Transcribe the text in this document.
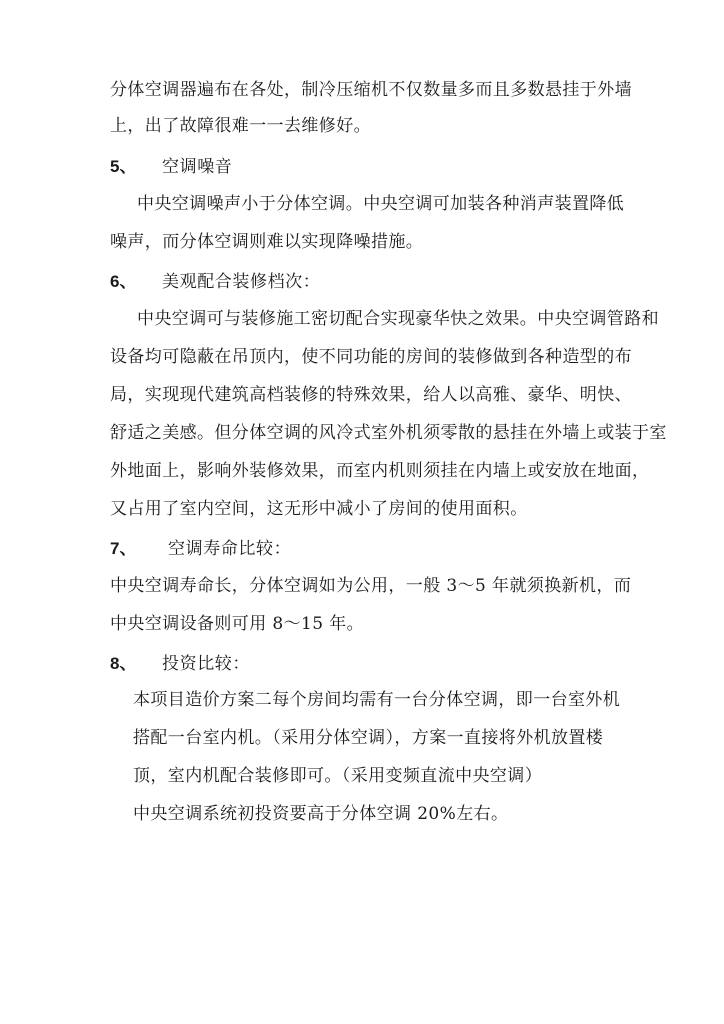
分体空调器遍布在各处，制冷压缩机不仅数量多而且多数悬挂于外墙
上，出了故障很难一一去维修好。
5、 空调噪音
中央空调噪声小于分体空调。中央空调可加装各种消声装置降低
噪声，而分体空调则难以实现降噪措施。
6、 美观配合装修档次：
中央空调可与装修施工密切配合实现豪华快之效果。中央空调管路和
设备均可隐蔽在吊顶内，使不同功能的房间的装修做到各种造型的布
局，实现现代建筑高档装修的特殊效果，给人以高雅、豪华、明快、
舒适之美感。但分体空调的风冷式室外机须零散的悬挂在外墙上或装于室
外地面上，影响外装修效果，而室内机则须挂在内墙上或安放在地面，
又占用了室内空间，这无形中减小了房间的使用面积。
7、 空调寿命比较：
中央空调寿命长，分体空调如为公用，一般 3～5 年就须换新机，而
中央空调设备则可用 8～15 年。
8、 投资比较：
本项目造价方案二每个房间均需有一台分体空调，即一台室外机
搭配一台室内机。（采用分体空调），方案一直接将外机放置楼
顶，室内机配合装修即可。（采用变频直流中央空调）
中央空调系统初投资要高于分体空调 20%左右。
